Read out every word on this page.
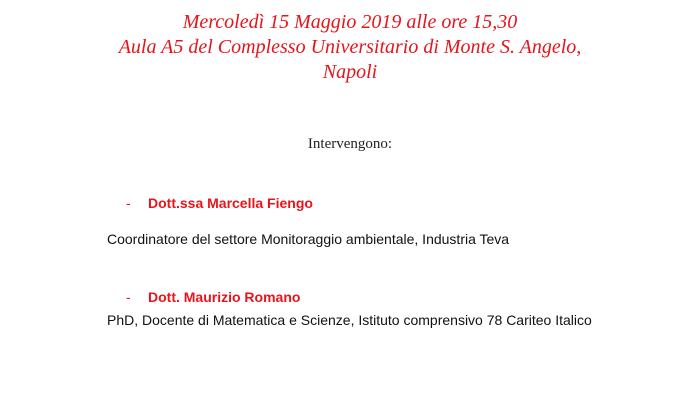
Mercoledì 15 Maggio 2019 alle ore 15,30
Aula A5 del Complesso Universitario di Monte S. Angelo,
Napoli
Intervengono:
- Dott.ssa Marcella Fiengo
Coordinatore del settore Monitoraggio ambientale, Industria Teva
- Dott. Maurizio Romano
PhD, Docente di Matematica e Scienze, Istituto comprensivo 78 Cariteo Italico
